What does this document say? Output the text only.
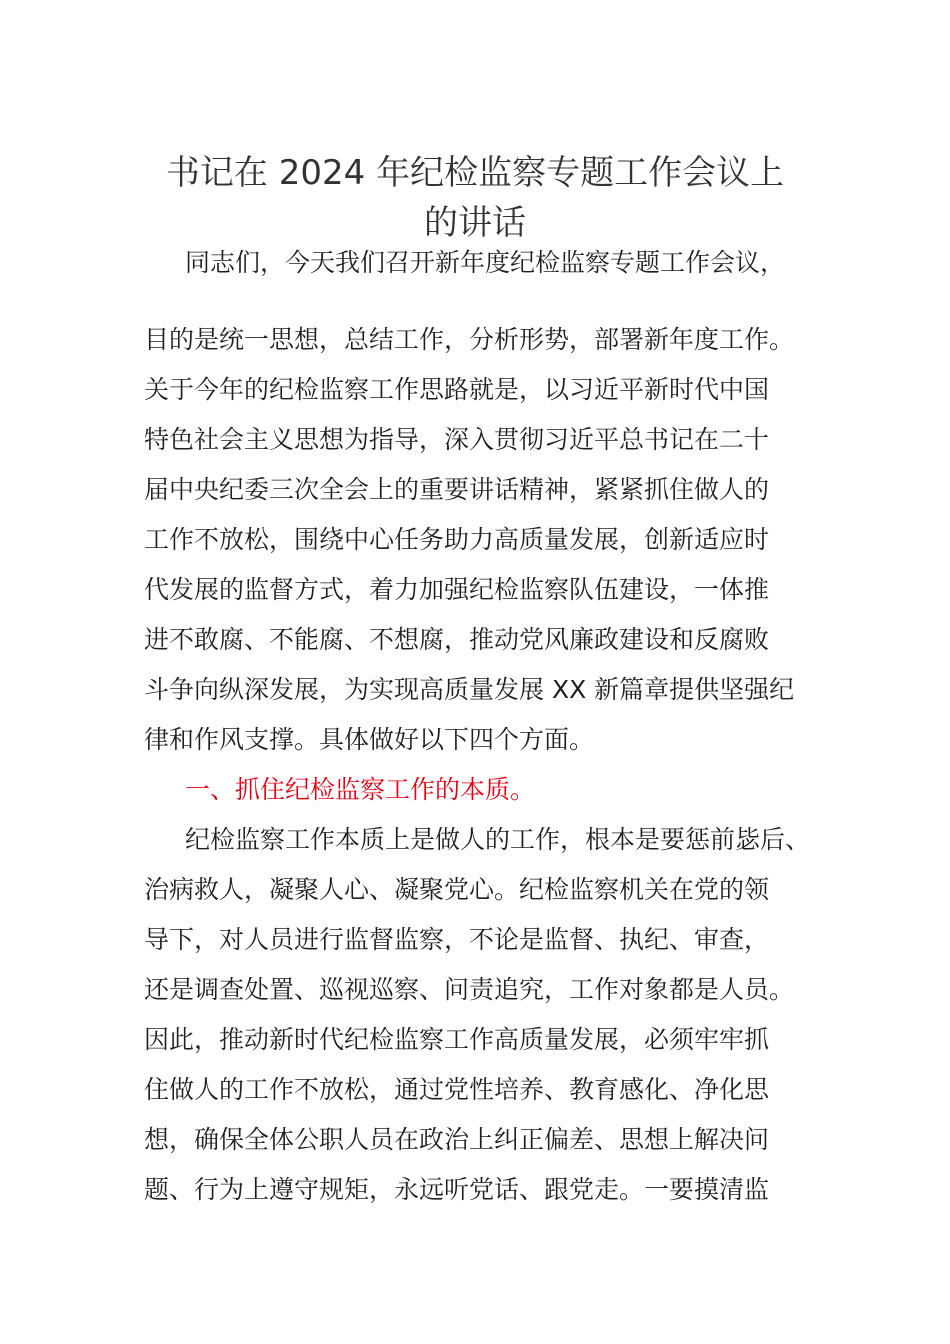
书记在 2024 年纪检监察专题工作会议上
的讲话
同志们，今天我们召开新年度纪检监察专题工作会议，
目的是统一思想，总结工作，分析形势，部署新年度工作。
关于今年的纪检监察工作思路就是，以习近平新时代中国
特色社会主义思想为指导，深入贯彻习近平总书记在二十
届中央纪委三次全会上的重要讲话精神，紧紧抓住做人的
工作不放松，围绕中心任务助力高质量发展，创新适应时
代发展的监督方式，着力加强纪检监察队伍建设，一体推
进不敢腐、不能腐、不想腐，推动党风廉政建设和反腐败
斗争向纵深发展，为实现高质量发展 XX 新篇章提供坚强纪
律和作风支撑。具体做好以下四个方面。
一、抓住纪检监察工作的本质。
纪检监察工作本质上是做人的工作，根本是要惩前毖后、
治病救人，凝聚人心、凝聚党心。纪检监察机关在党的领
导下，对人员进行监督监察，不论是监督、执纪、审查，
还是调查处置、巡视巡察、问责追究，工作对象都是人员。
因此，推动新时代纪检监察工作高质量发展，必须牢牢抓
住做人的工作不放松，通过党性培养、教育感化、净化思
想，确保全体公职人员在政治上纠正偏差、思想上解决问
题、行为上遵守规矩，永远听党话、跟党走。一要摸清监
